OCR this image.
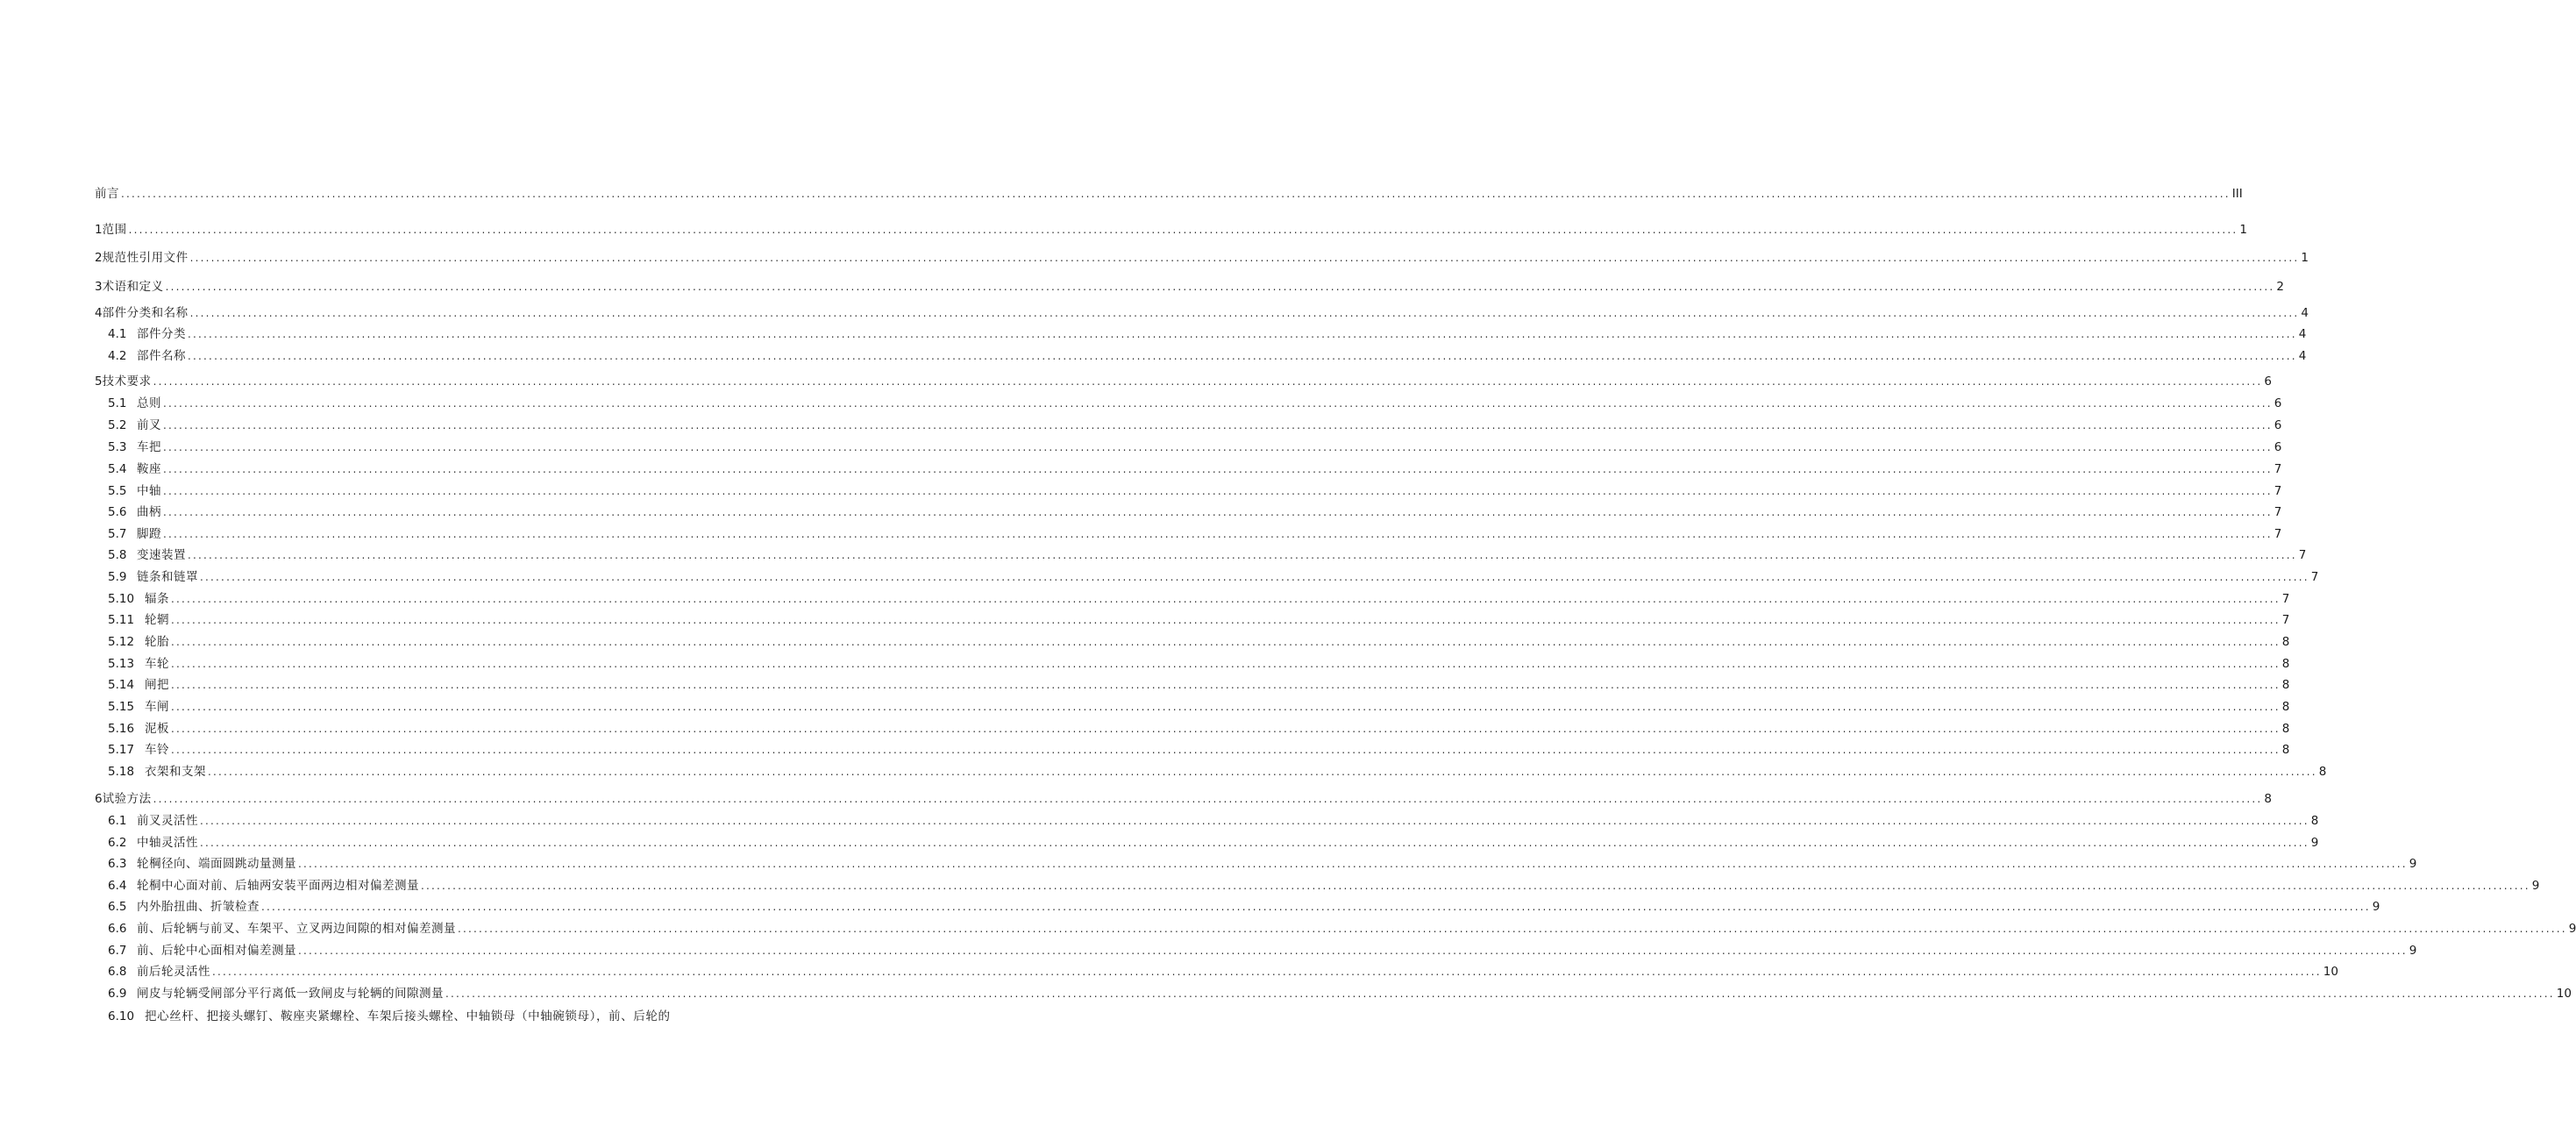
前言 ................................................................................................................................................................................................................................................................................................................................................................................................................ III
1 范围 ................................................................................................................................................................................................................................................................................................................................................................................................................ 1
2 规范性引用文件 ................................................................................................................................................................................................................................................................................................................................................................................................................ 1
3 术语和定义 ................................................................................................................................................................................................................................................................................................................................................................................................................ 2
4 部件分类和名称 ................................................................................................................................................................................................................................................................................................................................................................................................................ 4
4.1 部件分类 ................................................................................................................................................................................................................................................................................................................................................................................................................ 4
4.2 部件名称 ................................................................................................................................................................................................................................................................................................................................................................................................................ 4
5 技术要求 ................................................................................................................................................................................................................................................................................................................................................................................................................ 6
5.1 总则 ................................................................................................................................................................................................................................................................................................................................................................................................................ 6
5.2 前叉 ................................................................................................................................................................................................................................................................................................................................................................................................................ 6
5.3 车把 ................................................................................................................................................................................................................................................................................................................................................................................................................ 6
5.4 鞍座 ................................................................................................................................................................................................................................................................................................................................................................................................................ 7
5.5 中轴 ................................................................................................................................................................................................................................................................................................................................................................................................................ 7
5.6 曲柄 ................................................................................................................................................................................................................................................................................................................................................................................................................ 7
5.7 脚蹬 ................................................................................................................................................................................................................................................................................................................................................................................................................ 7
5.8 变速装置 ................................................................................................................................................................................................................................................................................................................................................................................................................ 7
5.9 链条和链罩 ................................................................................................................................................................................................................................................................................................................................................................................................................ 7
5.10 辐条 ................................................................................................................................................................................................................................................................................................................................................................................................................ 7
5.11 轮辋 ................................................................................................................................................................................................................................................................................................................................................................................................................ 7
5.12 轮胎 ................................................................................................................................................................................................................................................................................................................................................................................................................ 8
5.13 车轮 ................................................................................................................................................................................................................................................................................................................................................................................................................ 8
5.14 闸把 ................................................................................................................................................................................................................................................................................................................................................................................................................ 8
5.15 车闸 ................................................................................................................................................................................................................................................................................................................................................................................................................ 8
5.16 泥板 ................................................................................................................................................................................................................................................................................................................................................................................................................ 8
5.17 车铃 ................................................................................................................................................................................................................................................................................................................................................................................................................ 8
5.18 衣架和支架 ................................................................................................................................................................................................................................................................................................................................................................................................................ 8
6 试验方法 ................................................................................................................................................................................................................................................................................................................................................................................................................ 8
6.1 前叉灵活性 ................................................................................................................................................................................................................................................................................................................................................................................................................ 8
6.2 中轴灵活性 ................................................................................................................................................................................................................................................................................................................................................................................................................ 9
6.3 轮棡径向、端面圆跳动量测量 ................................................................................................................................................................................................................................................................................................................................................................................................................ 9
6.4 轮桐中心面对前、后轴两安装平面两边相对偏差测量 ................................................................................................................................................................................................................................................................................................................................................................................................................ 9
6.5 内外胎扭曲、折皱检查 ................................................................................................................................................................................................................................................................................................................................................................................................................ 9
6.6 前、后轮辆与前叉、车架平、立叉两边间隙的相对偏差测量 ................................................................................................................................................................................................................................................................................................................................................................................................................ 9
6.7 前、后轮中心面相对偏差测量 ................................................................................................................................................................................................................................................................................................................................................................................................................ 9
6.8 前后轮灵活性 ................................................................................................................................................................................................................................................................................................................................................................................................................ 10
6.9 闸皮与轮辆受闸部分平行离低一致闸皮与轮辆的间隙测量 ................................................................................................................................................................................................................................................................................................................................................................................................................ 10
6.10 把心丝杆、把接头螺钉、鞍座夹紧螺栓、车架后接头螺栓、中轴锁母（中轴碗锁母），前、后轮的
